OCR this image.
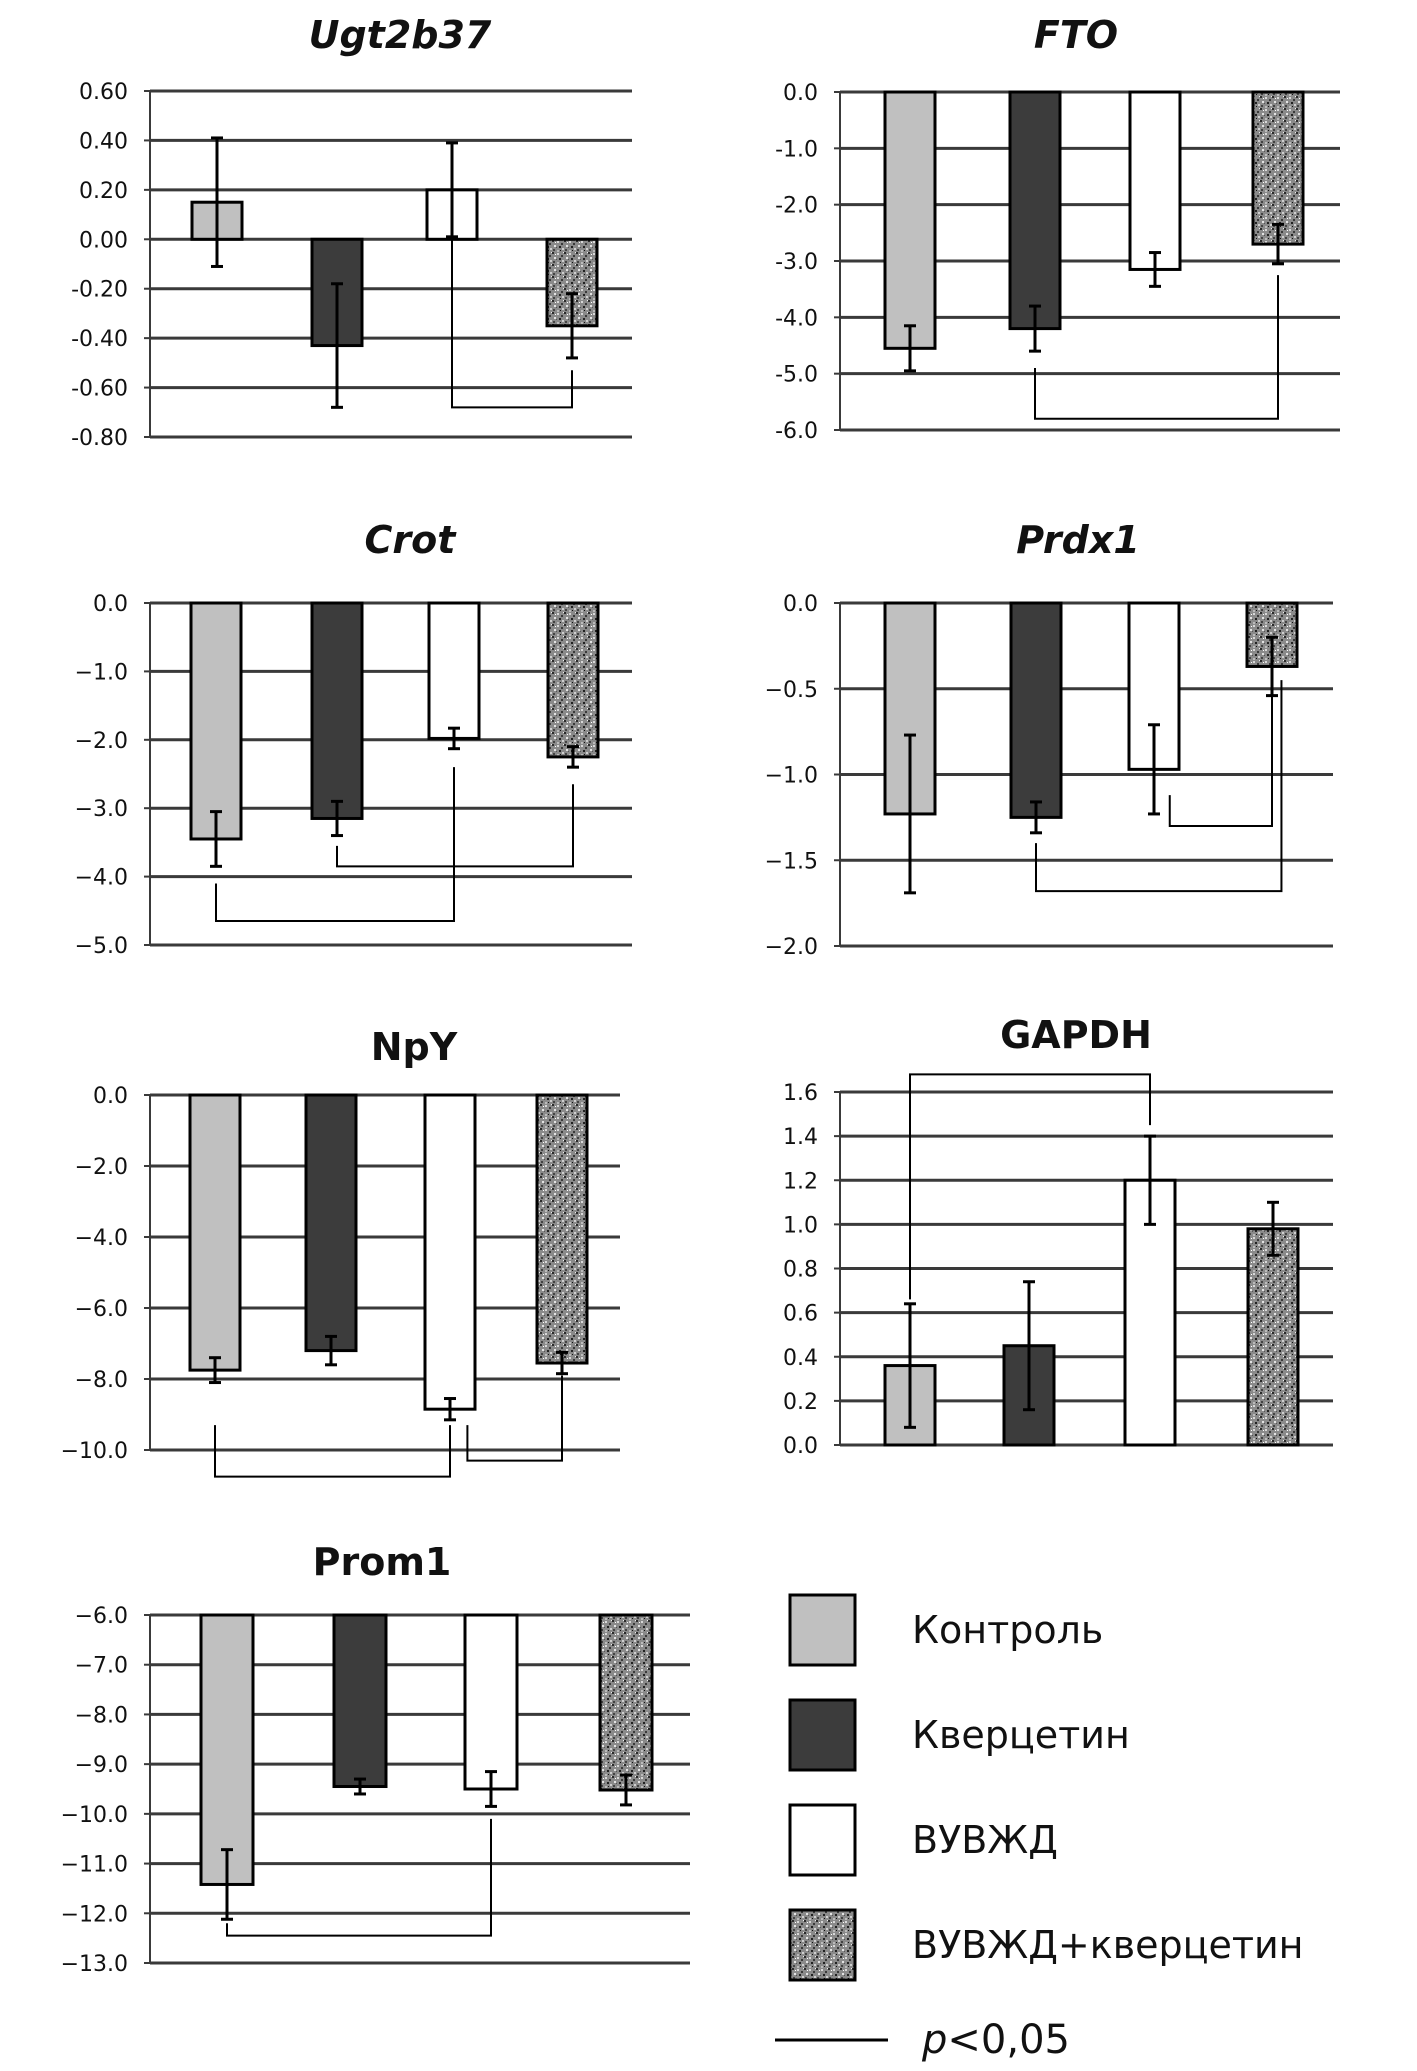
Ugt2b37
0.60
0.40
0.20
0.00
-0.20
-0.40
-0.60
-0.80
FTO
0.0
-1.0
-2.0
-3.0
-4.0
-5.0
-6.0
Crot
0.0
−1.0
−2.0
−3.0
−4.0
−5.0
Prdx1
0.0
−0.5
−1.0
−1.5
−2.0
NpY
0.0
−2.0
−4.0
−6.0
−8.0
−10.0
GAPDH
1.6
1.4
1.2
1.0
0.8
0.6
0.4
0.2
0.0
Prom1
−6.0
−7.0
−8.0
−9.0
−10.0
−11.0
−12.0
−13.0
Контроль
Кверцетин
ВУВЖД
ВУВЖД+кверцетин
p<0,05
